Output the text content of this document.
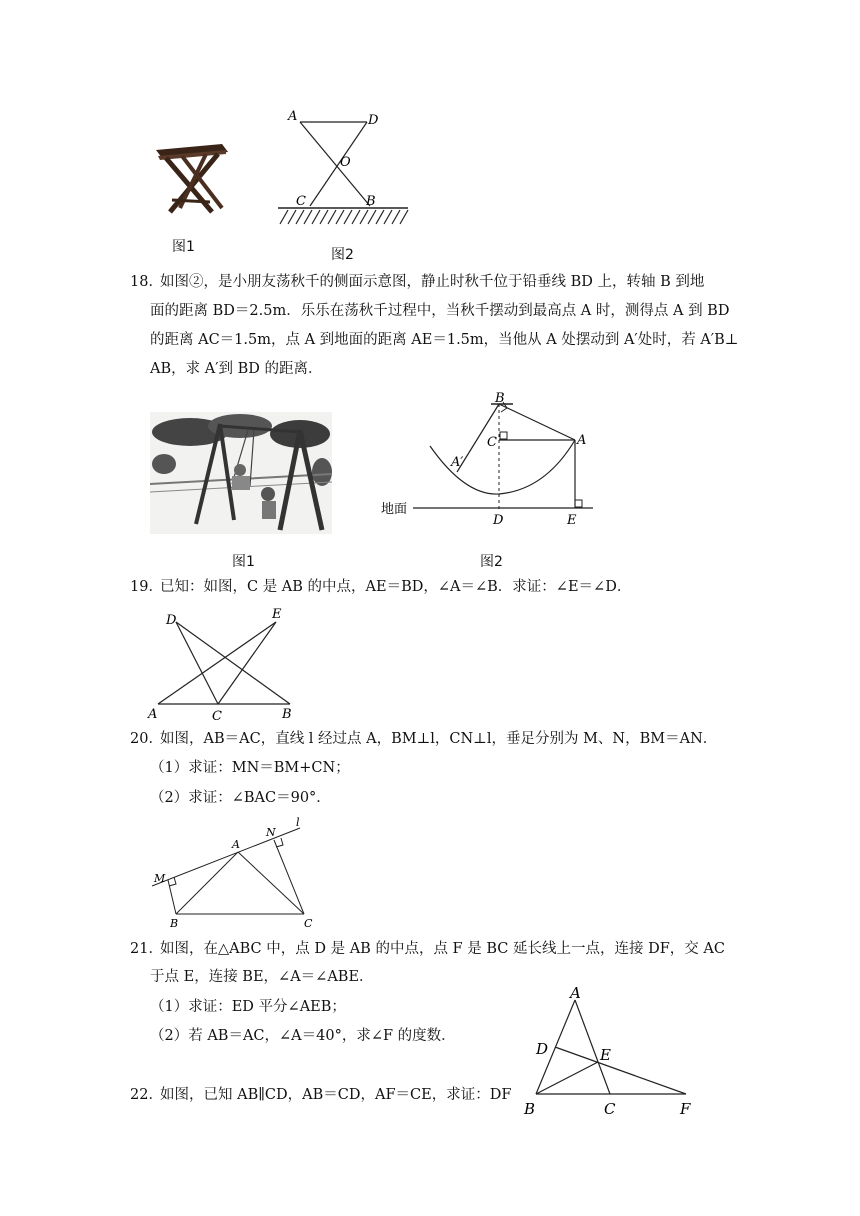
图1
A	D
O
C	B
图2
18．
如图②，是小朋友荡秋千的侧面示意图，静止时秋千位于铅垂线 BD 上，转轴 B 到地
面的距离 BD＝2.5m．乐乐在荡秋千过程中，当秋千摆动到最高点 A 时，测得点 A 到 BD
的距离 AC＝1.5m，点 A 到地面的距离 AE＝1.5m，当他从 A 处摆动到 A′处时，若 A′B⊥
AB，求 A′到 BD 的距离．
图1
B
C	A
A′
D	E
地面
图2
19．
已知：如图，C 是 AB 的中点，AE＝BD，∠A＝∠B．求证：∠E＝∠D．
D	E
A	C	B
20．
如图，AB＝AC，直线 l 经过点 A，BM⊥l，CN⊥l，垂足分别为 M、N，BM＝AN．
（1）求证：MN＝BM+CN；
（2）求证：∠BAC＝90°．
l
N
A
M
B	C
21．
如图，在△ABC 中，点 D 是 AB 的中点，点 F 是 BC 延长线上一点，连接 DF，交 AC
于点 E，连接 BE，∠A＝∠ABE．
（1）求证：ED 平分∠AEB；
（2）若 AB＝AC，∠A＝40°，求∠F 的度数．
A
D	E
B	C	F
22．
如图，已知 AB∥CD，AB＝CD，AF＝CE，求证：DF
